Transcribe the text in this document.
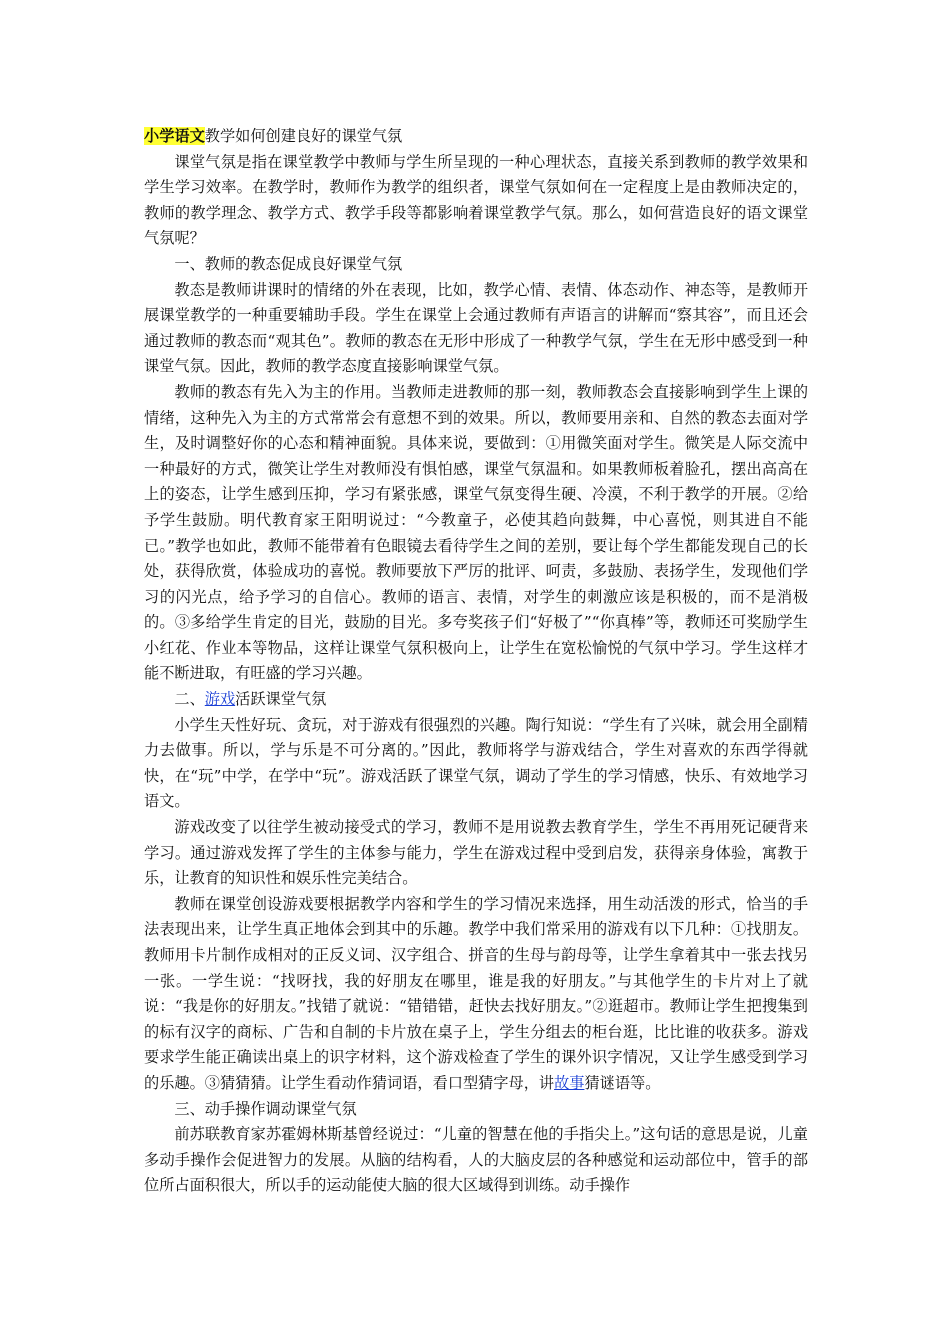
小学语文教学如何创建良好的课堂气氛

课堂气氛是指在课堂教学中教师与学生所呈现的一种心理状态，直接关系到教师的教学效果和学生学习效率。在教学时，教师作为教学的组织者，课堂气氛如何在一定程度上是由教师决定的，教师的教学理念、教学方式、教学手段等都影响着课堂教学气氛。那么，如何营造良好的语文课堂气氛呢？

一、教师的教态促成良好课堂气氛

教态是教师讲课时的情绪的外在表现，比如，教学心情、表情、体态动作、神态等，是教师开展课堂教学的一种重要辅助手段。学生在课堂上会通过教师有声语言的讲解而“察其容”，而且还会通过教师的教态而“观其色”。教师的教态在无形中形成了一种教学气氛，学生在无形中感受到一种课堂气氛。因此，教师的教学态度直接影响课堂气氛。

教师的教态有先入为主的作用。当教师走进教师的那一刻，教师教态会直接影响到学生上课的情绪，这种先入为主的方式常常会有意想不到的效果。所以，教师要用亲和、自然的教态去面对学生，及时调整好你的心态和精神面貌。具体来说，要做到：①用微笑面对学生。微笑是人际交流中一种最好的方式，微笑让学生对教师没有惧怕感，课堂气氛温和。如果教师板着脸孔，摆出高高在上的姿态，让学生感到压抑，学习有紧张感，课堂气氛变得生硬、冷漠，不利于教学的开展。②给予学生鼓励。明代教育家王阳明说过：“今教童子，必使其趋向鼓舞，中心喜悦，则其进自不能已。”教学也如此，教师不能带着有色眼镜去看待学生之间的差别，要让每个学生都能发现自己的长处，获得欣赏，体验成功的喜悦。教师要放下严厉的批评、呵责，多鼓励、表扬学生，发现他们学习的闪光点，给予学习的自信心。教师的语言、表情，对学生的刺激应该是积极的，而不是消极的。③多给学生肯定的目光，鼓励的目光。多夸奖孩子们“好极了”“你真棒”等，教师还可奖励学生小红花、作业本等物品，这样让课堂气氛积极向上，让学生在宽松愉悦的气氛中学习。学生这样才能不断进取，有旺盛的学习兴趣。

二、游戏活跃课堂气氛

小学生天性好玩、贪玩，对于游戏有很强烈的兴趣。陶行知说：“学生有了兴味，就会用全副精力去做事。所以，学与乐是不可分离的。”因此，教师将学与游戏结合，学生对喜欢的东西学得就快，在“玩”中学，在学中“玩”。游戏活跃了课堂气氛，调动了学生的学习情感，快乐、有效地学习语文。

游戏改变了以往学生被动接受式的学习，教师不是用说教去教育学生，学生不再用死记硬背来学习。通过游戏发挥了学生的主体参与能力，学生在游戏过程中受到启发，获得亲身体验，寓教于乐，让教育的知识性和娱乐性完美结合。

教师在课堂创设游戏要根据教学内容和学生的学习情况来选择，用生动活泼的形式，恰当的手法表现出来，让学生真正地体会到其中的乐趣。教学中我们常采用的游戏有以下几种：①找朋友。教师用卡片制作成相对的正反义词、汉字组合、拼音的生母与韵母等，让学生拿着其中一张去找另一张。一学生说：“找呀找，我的好朋友在哪里，谁是我的好朋友。”与其他学生的卡片对上了就说：“我是你的好朋友。”找错了就说：“错错错，赶快去找好朋友。”②逛超市。教师让学生把搜集到的标有汉字的商标、广告和自制的卡片放在桌子上，学生分组去的柜台逛，比比谁的收获多。游戏要求学生能正确读出桌上的识字材料，这个游戏检查了学生的课外识字情况，又让学生感受到学习的乐趣。③猜猜猜。让学生看动作猜词语，看口型猜字母，讲故事猜谜语等。

三、动手操作调动课堂气氛

前苏联教育家苏霍姆林斯基曾经说过：“儿童的智慧在他的手指尖上。”这句话的意思是说，儿童多动手操作会促进智力的发展。从脑的结构看，人的大脑皮层的各种感觉和运动部位中，管手的部位所占面积很大，所以手的运动能使大脑的很大区域得到训练。动手操作
